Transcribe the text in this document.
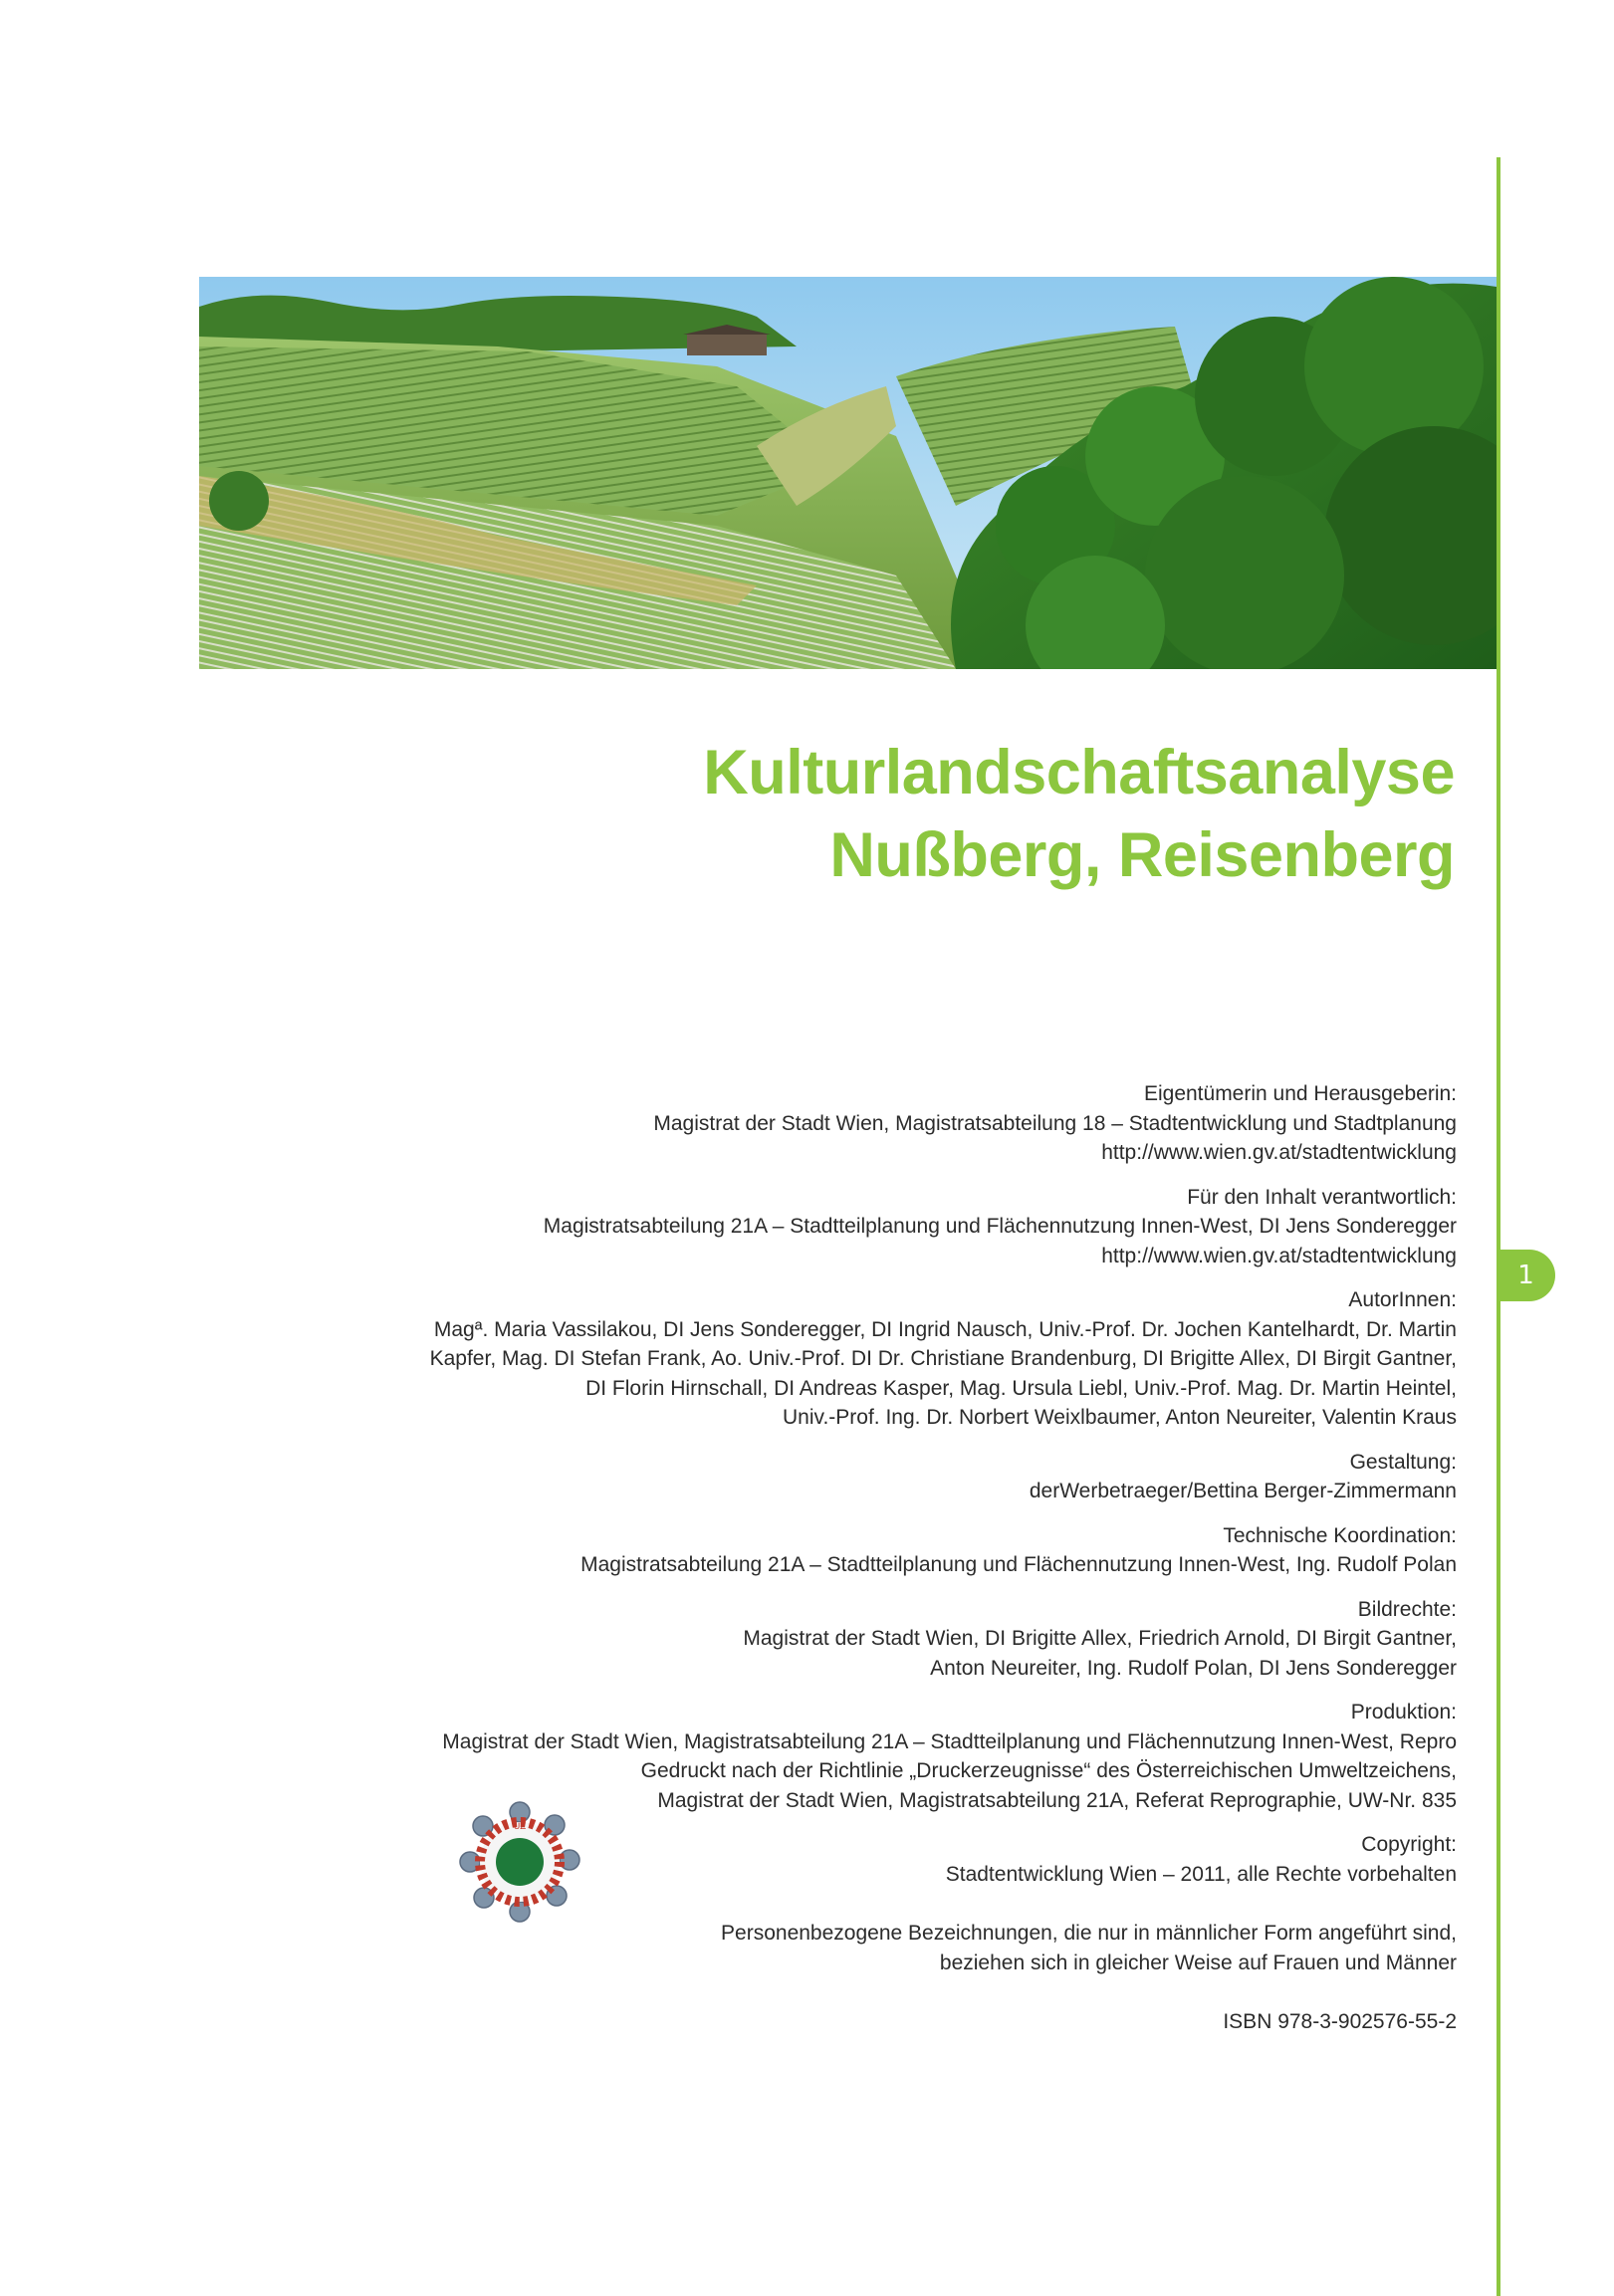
Kulturlandschaftsanalyse
Nußberg, Reisenberg
1
Eigentümerin und Herausgeberin:
Magistrat der Stadt Wien, Magistratsabteilung 18 – Stadtentwicklung und Stadtplanung
http://www.wien.gv.at/stadtentwicklung
Für den Inhalt verantwortlich:
Magistratsabteilung 21A – Stadtteilplanung und Flächennutzung Innen-West, DI Jens Sonderegger
http://www.wien.gv.at/stadtentwicklung
AutorInnen:
Magª. Maria Vassilakou, DI Jens Sonderegger, DI Ingrid Nausch, Univ.-Prof. Dr. Jochen Kantelhardt, Dr. Martin
Kapfer, Mag. DI Stefan Frank, Ao. Univ.-Prof. DI Dr. Christiane Brandenburg, DI Brigitte Allex, DI Birgit Gantner,
DI Florin Hirnschall, DI Andreas Kasper, Mag. Ursula Liebl, Univ.-Prof. Mag. Dr. Martin Heintel,
Univ.-Prof. Ing. Dr. Norbert Weixlbaumer, Anton Neureiter, Valentin Kraus
Gestaltung:
derWerbetraeger/Bettina Berger-Zimmermann
Technische Koordination:
Magistratsabteilung 21A – Stadtteilplanung und Flächennutzung Innen-West, Ing. Rudolf Polan
Bildrechte:
Magistrat der Stadt Wien, DI Brigitte Allex, Friedrich Arnold, DI Birgit Gantner,
Anton Neureiter, Ing. Rudolf Polan, DI Jens Sonderegger
Produktion:
Magistrat der Stadt Wien, Magistratsabteilung 21A – Stadtteilplanung und Flächennutzung Innen-West, Repro
Gedruckt nach der Richtlinie „Druckerzeugnisse“ des Österreichischen Umweltzeichens,
Magistrat der Stadt Wien, Magistratsabteilung 21A, Referat Reprographie, UW-Nr. 835
Copyright:
Stadtentwicklung Wien – 2011, alle Rechte vorbehalten
Personenbezogene Bezeichnungen, die nur in männlicher Form angeführt sind,
beziehen sich in gleicher Weise auf Frauen und Männer
ISBN 978-3-902576-55-2
UZ
